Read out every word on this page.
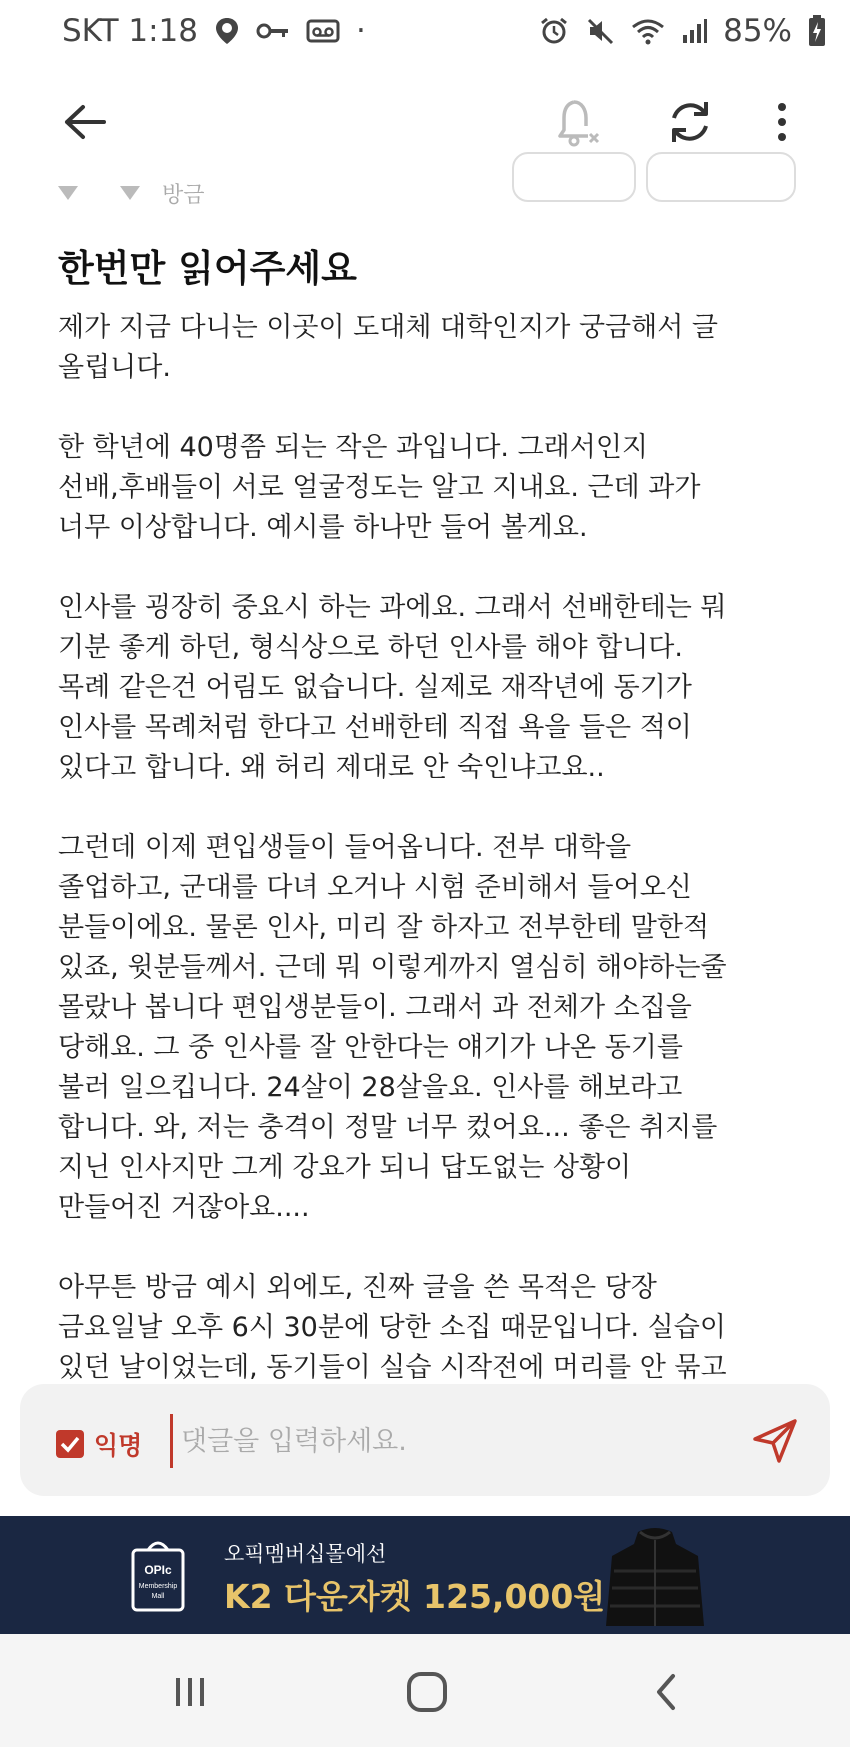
SKT 1:18	·	85%
방금
한번만 읽어주세요

제가 지금 다니는 이곳이 도대체 대학인지가 궁금해서 글
올립니다.

한 학년에 40명쯤 되는 작은 과입니다. 그래서인지
선배,후배들이 서로 얼굴정도는 알고 지내요. 근데 과가
너무 이상합니다. 예시를 하나만 들어 볼게요.

인사를 굉장히 중요시 하는 과에요. 그래서 선배한테는 뭐
기분 좋게 하던, 형식상으로 하던 인사를 해야 합니다.
목례 같은건 어림도 없습니다. 실제로 재작년에 동기가
인사를 목례처럼 한다고 선배한테 직접 욕을 들은 적이
있다고 합니다. 왜 허리 제대로 안 숙인냐고요..

그런데 이제 편입생들이 들어옵니다. 전부 대학을
졸업하고, 군대를 다녀 오거나 시험 준비해서 들어오신
분들이에요. 물론 인사, 미리 잘 하자고 전부한테 말한적
있죠, 윗분들께서. 근데 뭐 이렇게까지 열심히 해야하는줄
몰랐나 봅니다 편입생분들이. 그래서 과 전체가 소집을
당해요. 그 중 인사를 잘 안한다는 얘기가 나온 동기를
불러 일으킵니다. 24살이 28살을요. 인사를 해보라고
합니다. 와, 저는 충격이 정말 너무 컸어요... 좋은 취지를
지닌 인사지만 그게 강요가 되니 답도없는 상황이
만들어진 거잖아요....

아무튼 방금 예시 외에도, 진짜 글을 쓴 목적은 당장
금요일날 오후 6시 30분에 당한 소집 때문입니다. 실습이
있던 날이었는데, 동기들이 실습 시작전에 머리를 안 묶고

익명
댓글을 입력하세요.
OPIc
Membership
Mall
오픽멤버십몰에선
K2 다운자켓 125,000원
